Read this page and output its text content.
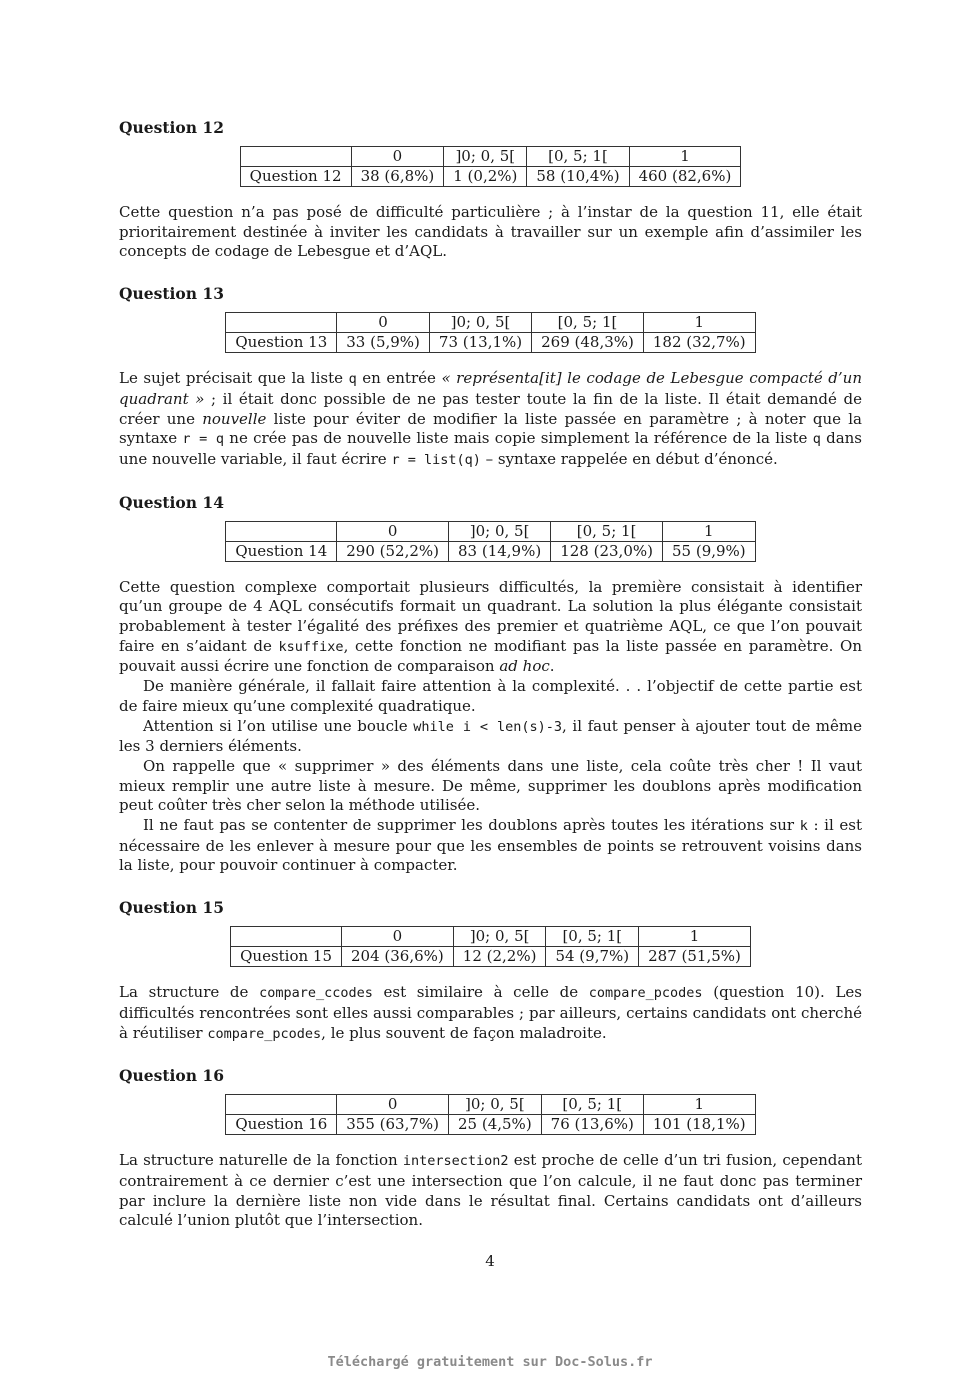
Question 12
	0	]0; 0, 5[	[0, 5; 1[	1
Question 12	38 (6,8%)	1 (0,2%)	58 (10,4%)	460 (82,6%)

Cette question n’a pas posé de difficulté particulière ; à l’instar de la question 11, elle était prioritairement destinée à inviter les candidats à travailler sur un exemple afin d’assimiler les concepts de codage de Lebesgue et d’AQL.

Question 13
	0	]0; 0, 5[	[0, 5; 1[	1
Question 13	33 (5,9%)	73 (13,1%)	269 (48,3%)	182 (32,7%)

Le sujet précisait que la liste q en entrée « représenta[it] le codage de Lebesgue compacté d’un quadrant » ; il était donc possible de ne pas tester toute la fin de la liste. Il était demandé de créer une nouvelle liste pour éviter de modifier la liste passée en paramètre ; à noter que la syntaxe r = q ne crée pas de nouvelle liste mais copie simplement la référence de la liste q dans une nouvelle variable, il faut écrire r = list(q) – syntaxe rappelée en début d’énoncé.

Question 14
	0	]0; 0, 5[	[0, 5; 1[	1
Question 14	290 (52,2%)	83 (14,9%)	128 (23,0%)	55 (9,9%)

Cette question complexe comportait plusieurs difficultés, la première consistait à identifier qu’un groupe de 4 AQL consécutifs formait un quadrant. La solution la plus élégante consistait probablement à tester l’égalité des préfixes des premier et quatrième AQL, ce que l’on pouvait faire en s’aidant de ksuffixe, cette fonction ne modifiant pas la liste passée en paramètre. On pouvait aussi écrire une fonction de comparaison ad hoc.

De manière générale, il fallait faire attention à la complexité. . . l’objectif de cette partie est de faire mieux qu’une complexité quadratique.

Attention si l’on utilise une boucle while i < len(s)-3, il faut penser à ajouter tout de même les 3 derniers éléments.

On rappelle que « supprimer » des éléments dans une liste, cela coûte très cher ! Il vaut mieux remplir une autre liste à mesure. De même, supprimer les doublons après modification peut coûter très cher selon la méthode utilisée.

Il ne faut pas se contenter de supprimer les doublons après toutes les itérations sur k : il est nécessaire de les enlever à mesure pour que les ensembles de points se retrouvent voisins dans la liste, pour pouvoir continuer à compacter.

Question 15
	0	]0; 0, 5[	[0, 5; 1[	1
Question 15	204 (36,6%)	12 (2,2%)	54 (9,7%)	287 (51,5%)

La structure de compare_ccodes est similaire à celle de compare_pcodes (question 10). Les difficultés rencontrées sont elles aussi comparables ; par ailleurs, certains candidats ont cherché à réutiliser compare_pcodes, le plus souvent de façon maladroite.

Question 16
	0	]0; 0, 5[	[0, 5; 1[	1
Question 16	355 (63,7%)	25 (4,5%)	76 (13,6%)	101 (18,1%)

La structure naturelle de la fonction intersection2 est proche de celle d’un tri fusion, cependant contrairement à ce dernier c’est une intersection que l’on calcule, il ne faut donc pas terminer par inclure la dernière liste non vide dans le résultat final. Certains candidats ont d’ailleurs calculé l’union plutôt que l’intersection.

4
Téléchargé gratuitement sur Doc-Solus.fr
